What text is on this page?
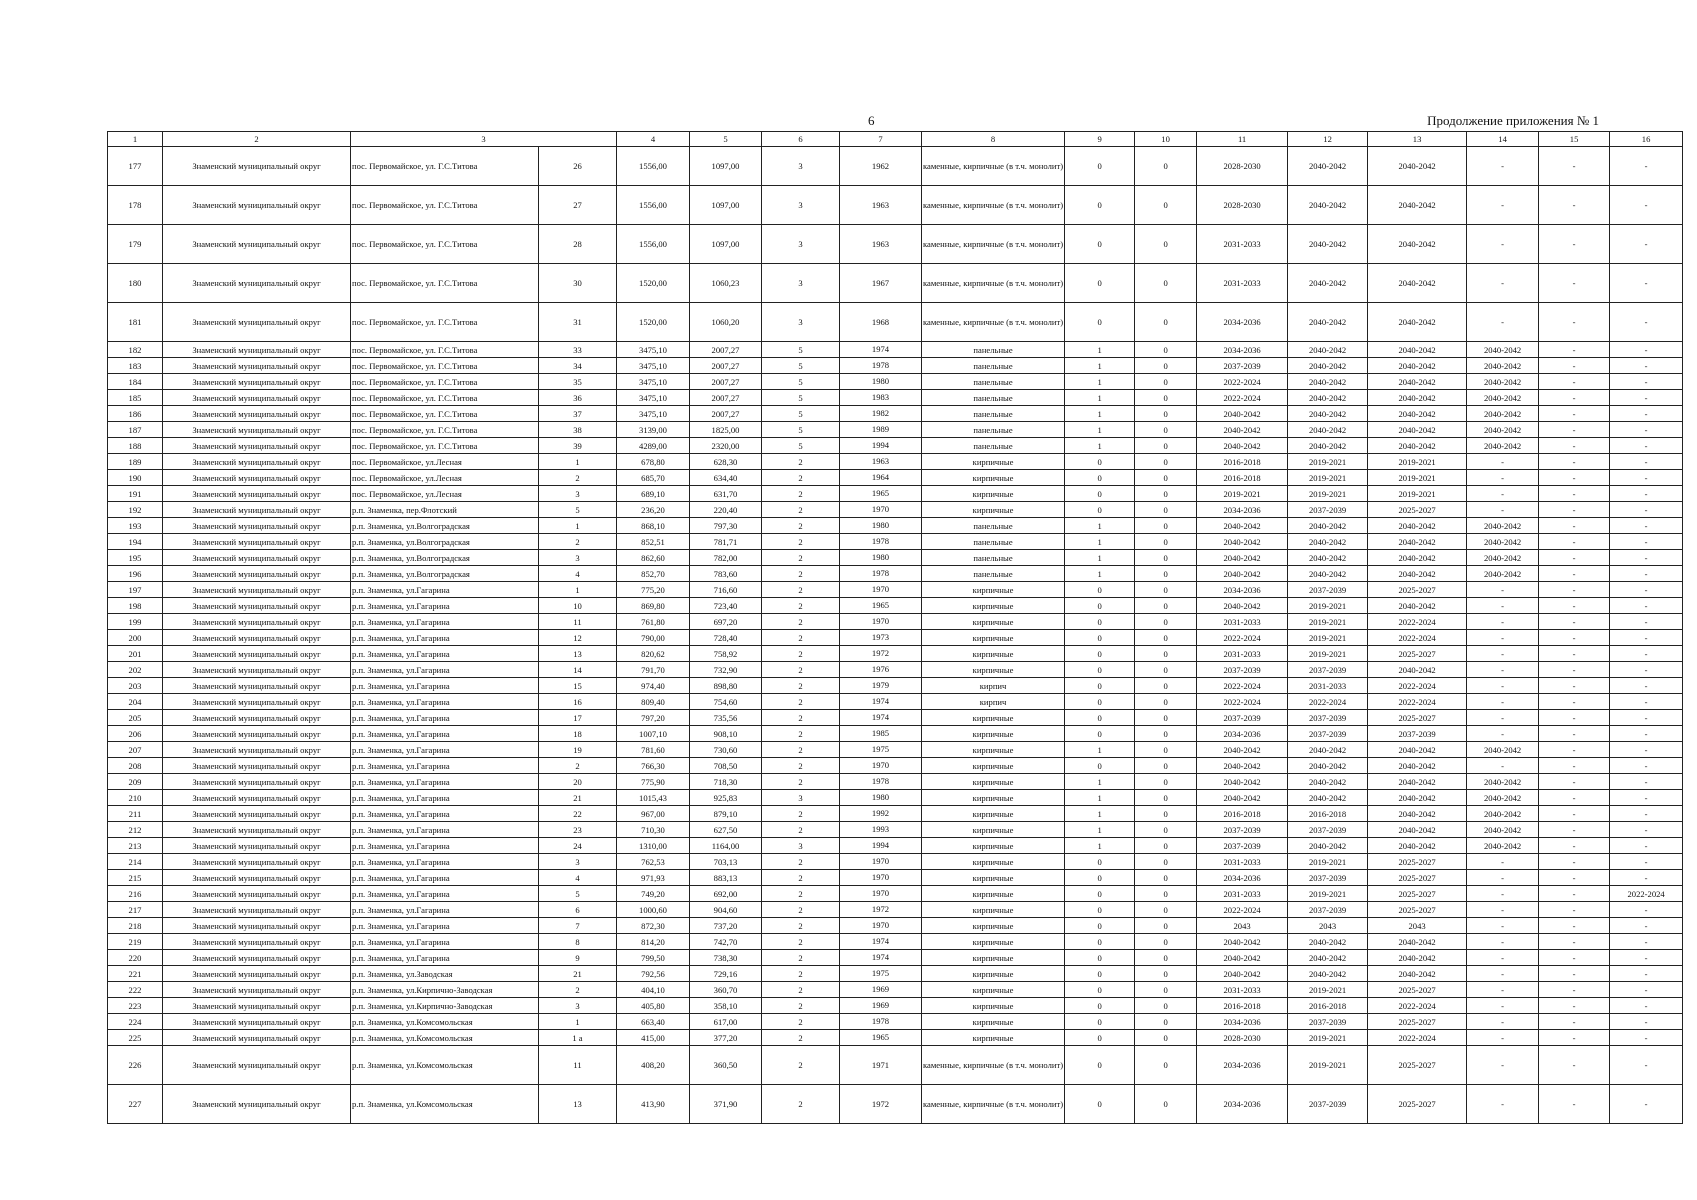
6	Продолжение приложения № 1
1	2	3		4	5	6	7	8	9	10	11	12	13	14	15	16
177	Знаменский муниципальный округ	пос. Первомайское, ул. Г.С.Титова	26	1556,00	1097,00	3	1962	каменные, кирпичные (в т.ч. монолит)	0	0	2028-2030	2040-2042	2040-2042	-	-	-
178	Знаменский муниципальный округ	пос. Первомайское, ул. Г.С.Титова	27	1556,00	1097,00	3	1963	каменные, кирпичные (в т.ч. монолит)	0	0	2028-2030	2040-2042	2040-2042	-	-	-
179	Знаменский муниципальный округ	пос. Первомайское, ул. Г.С.Титова	28	1556,00	1097,00	3	1963	каменные, кирпичные (в т.ч. монолит)	0	0	2031-2033	2040-2042	2040-2042	-	-	-
180	Знаменский муниципальный округ	пос. Первомайское, ул. Г.С.Титова	30	1520,00	1060,23	3	1967	каменные, кирпичные (в т.ч. монолит)	0	0	2031-2033	2040-2042	2040-2042	-	-	-
181	Знаменский муниципальный округ	пос. Первомайское, ул. Г.С.Титова	31	1520,00	1060,20	3	1968	каменные, кирпичные (в т.ч. монолит)	0	0	2034-2036	2040-2042	2040-2042	-	-	-
182	Знаменский муниципальный округ	пос. Первомайское, ул. Г.С.Титова	33	3475,10	2007,27	5	1974	панельные	1	0	2034-2036	2040-2042	2040-2042	2040-2042	-	-
183	Знаменский муниципальный округ	пос. Первомайское, ул. Г.С.Титова	34	3475,10	2007,27	5	1978	панельные	1	0	2037-2039	2040-2042	2040-2042	2040-2042	-	-
184	Знаменский муниципальный округ	пос. Первомайское, ул. Г.С.Титова	35	3475,10	2007,27	5	1980	панельные	1	0	2022-2024	2040-2042	2040-2042	2040-2042	-	-
185	Знаменский муниципальный округ	пос. Первомайское, ул. Г.С.Титова	36	3475,10	2007,27	5	1983	панельные	1	0	2022-2024	2040-2042	2040-2042	2040-2042	-	-
186	Знаменский муниципальный округ	пос. Первомайское, ул. Г.С.Титова	37	3475,10	2007,27	5	1982	панельные	1	0	2040-2042	2040-2042	2040-2042	2040-2042	-	-
187	Знаменский муниципальный округ	пос. Первомайское, ул. Г.С.Титова	38	3139,00	1825,00	5	1989	панельные	1	0	2040-2042	2040-2042	2040-2042	2040-2042	-	-
188	Знаменский муниципальный округ	пос. Первомайское, ул. Г.С.Титова	39	4289,00	2320,00	5	1994	панельные	1	0	2040-2042	2040-2042	2040-2042	2040-2042	-	-
189	Знаменский муниципальный округ	пос. Первомайское, ул.Лесная	1	678,80	628,30	2	1963	кирпичные	0	0	2016-2018	2019-2021	2019-2021	-	-	-
190	Знаменский муниципальный округ	пос. Первомайское, ул.Лесная	2	685,70	634,40	2	1964	кирпичные	0	0	2016-2018	2019-2021	2019-2021	-	-	-
191	Знаменский муниципальный округ	пос. Первомайское, ул.Лесная	3	689,10	631,70	2	1965	кирпичные	0	0	2019-2021	2019-2021	2019-2021	-	-	-
192	Знаменский муниципальный округ	р.п. Знаменка, пер.Флотский	5	236,20	220,40	2	1970	кирпичные	0	0	2034-2036	2037-2039	2025-2027	-	-	-
193	Знаменский муниципальный округ	р.п. Знаменка, ул.Волгоградская	1	868,10	797,30	2	1980	панельные	1	0	2040-2042	2040-2042	2040-2042	2040-2042	-	-
194	Знаменский муниципальный округ	р.п. Знаменка, ул.Волгоградская	2	852,51	781,71	2	1978	панельные	1	0	2040-2042	2040-2042	2040-2042	2040-2042	-	-
195	Знаменский муниципальный округ	р.п. Знаменка, ул.Волгоградская	3	862,60	782,00	2	1980	панельные	1	0	2040-2042	2040-2042	2040-2042	2040-2042	-	-
196	Знаменский муниципальный округ	р.п. Знаменка, ул.Волгоградская	4	852,70	783,60	2	1978	панельные	1	0	2040-2042	2040-2042	2040-2042	2040-2042	-	-
197	Знаменский муниципальный округ	р.п. Знаменка, ул.Гагарина	1	775,20	716,60	2	1970	кирпичные	0	0	2034-2036	2037-2039	2025-2027	-	-	-
198	Знаменский муниципальный округ	р.п. Знаменка, ул.Гагарина	10	869,80	723,40	2	1965	кирпичные	0	0	2040-2042	2019-2021	2040-2042	-	-	-
199	Знаменский муниципальный округ	р.п. Знаменка, ул.Гагарина	11	761,80	697,20	2	1970	кирпичные	0	0	2031-2033	2019-2021	2022-2024	-	-	-
200	Знаменский муниципальный округ	р.п. Знаменка, ул.Гагарина	12	790,00	728,40	2	1973	кирпичные	0	0	2022-2024	2019-2021	2022-2024	-	-	-
201	Знаменский муниципальный округ	р.п. Знаменка, ул.Гагарина	13	820,62	758,92	2	1972	кирпичные	0	0	2031-2033	2019-2021	2025-2027	-	-	-
202	Знаменский муниципальный округ	р.п. Знаменка, ул.Гагарина	14	791,70	732,90	2	1976	кирпичные	0	0	2037-2039	2037-2039	2040-2042	-	-	-
203	Знаменский муниципальный округ	р.п. Знаменка, ул.Гагарина	15	974,40	898,80	2	1979	кирпич	0	0	2022-2024	2031-2033	2022-2024	-	-	-
204	Знаменский муниципальный округ	р.п. Знаменка, ул.Гагарина	16	809,40	754,60	2	1974	кирпич	0	0	2022-2024	2022-2024	2022-2024	-	-	-
205	Знаменский муниципальный округ	р.п. Знаменка, ул.Гагарина	17	797,20	735,56	2	1974	кирпичные	0	0	2037-2039	2037-2039	2025-2027	-	-	-
206	Знаменский муниципальный округ	р.п. Знаменка, ул.Гагарина	18	1007,10	908,10	2	1985	кирпичные	0	0	2034-2036	2037-2039	2037-2039	-	-	-
207	Знаменский муниципальный округ	р.п. Знаменка, ул.Гагарина	19	781,60	730,60	2	1975	кирпичные	1	0	2040-2042	2040-2042	2040-2042	2040-2042	-	-
208	Знаменский муниципальный округ	р.п. Знаменка, ул.Гагарина	2	766,30	708,50	2	1970	кирпичные	0	0	2040-2042	2040-2042	2040-2042	-	-	-
209	Знаменский муниципальный округ	р.п. Знаменка, ул.Гагарина	20	775,90	718,30	2	1978	кирпичные	1	0	2040-2042	2040-2042	2040-2042	2040-2042	-	-
210	Знаменский муниципальный округ	р.п. Знаменка, ул.Гагарина	21	1015,43	925,83	3	1980	кирпичные	1	0	2040-2042	2040-2042	2040-2042	2040-2042	-	-
211	Знаменский муниципальный округ	р.п. Знаменка, ул.Гагарина	22	967,00	879,10	2	1992	кирпичные	1	0	2016-2018	2016-2018	2040-2042	2040-2042	-	-
212	Знаменский муниципальный округ	р.п. Знаменка, ул.Гагарина	23	710,30	627,50	2	1993	кирпичные	1	0	2037-2039	2037-2039	2040-2042	2040-2042	-	-
213	Знаменский муниципальный округ	р.п. Знаменка, ул.Гагарина	24	1310,00	1164,00	3	1994	кирпичные	1	0	2037-2039	2040-2042	2040-2042	2040-2042	-	-
214	Знаменский муниципальный округ	р.п. Знаменка, ул.Гагарина	3	762,53	703,13	2	1970	кирпичные	0	0	2031-2033	2019-2021	2025-2027	-	-	-
215	Знаменский муниципальный округ	р.п. Знаменка, ул.Гагарина	4	971,93	883,13	2	1970	кирпичные	0	0	2034-2036	2037-2039	2025-2027	-	-	-
216	Знаменский муниципальный округ	р.п. Знаменка, ул.Гагарина	5	749,20	692,00	2	1970	кирпичные	0	0	2031-2033	2019-2021	2025-2027	-	-	2022-2024
217	Знаменский муниципальный округ	р.п. Знаменка, ул.Гагарина	6	1000,60	904,60	2	1972	кирпичные	0	0	2022-2024	2037-2039	2025-2027	-	-	-
218	Знаменский муниципальный округ	р.п. Знаменка, ул.Гагарина	7	872,30	737,20	2	1970	кирпичные	0	0	2043	2043	2043	-	-	-
219	Знаменский муниципальный округ	р.п. Знаменка, ул.Гагарина	8	814,20	742,70	2	1974	кирпичные	0	0	2040-2042	2040-2042	2040-2042	-	-	-
220	Знаменский муниципальный округ	р.п. Знаменка, ул.Гагарина	9	799,50	738,30	2	1974	кирпичные	0	0	2040-2042	2040-2042	2040-2042	-	-	-
221	Знаменский муниципальный округ	р.п. Знаменка, ул.Заводская	21	792,56	729,16	2	1975	кирпичные	0	0	2040-2042	2040-2042	2040-2042	-	-	-
222	Знаменский муниципальный округ	р.п. Знаменка, ул.Кирпично-Заводская	2	404,10	360,70	2	1969	кирпичные	0	0	2031-2033	2019-2021	2025-2027	-	-	-
223	Знаменский муниципальный округ	р.п. Знаменка, ул.Кирпично-Заводская	3	405,80	358,10	2	1969	кирпичные	0	0	2016-2018	2016-2018	2022-2024	-	-	-
224	Знаменский муниципальный округ	р.п. Знаменка, ул.Комсомольская	1	663,40	617,00	2	1978	кирпичные	0	0	2034-2036	2037-2039	2025-2027	-	-	-
225	Знаменский муниципальный округ	р.п. Знаменка, ул.Комсомольская	1 а	415,00	377,20	2	1965	кирпичные	0	0	2028-2030	2019-2021	2022-2024	-	-	-
226	Знаменский муниципальный округ	р.п. Знаменка, ул.Комсомольская	11	408,20	360,50	2	1971	каменные, кирпичные (в т.ч. монолит)	0	0	2034-2036	2019-2021	2025-2027	-	-	-
227	Знаменский муниципальный округ	р.п. Знаменка, ул.Комсомольская	13	413,90	371,90	2	1972	каменные, кирпичные (в т.ч. монолит)	0	0	2034-2036	2037-2039	2025-2027	-	-	-
